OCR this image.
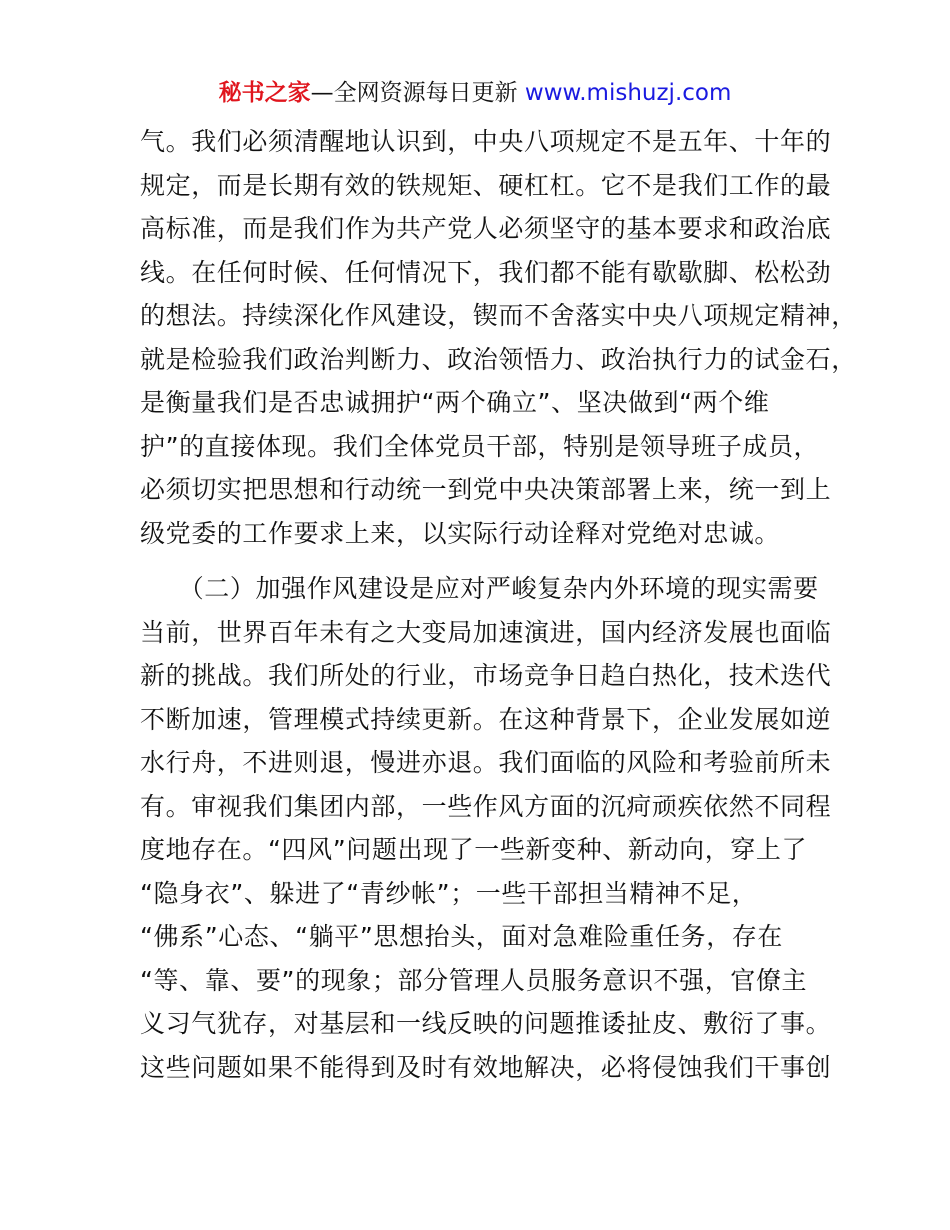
秘书之家—全网资源每日更新 www.mishuzj.com
气。我们必须清醒地认识到，中央八项规定不是五年、十年的
规定，而是长期有效的铁规矩、硬杠杠。它不是我们工作的最
高标准，而是我们作为共产党人必须坚守的基本要求和政治底
线。在任何时候、任何情况下，我们都不能有歇歇脚、松松劲
的想法。持续深化作风建设，锲而不舍落实中央八项规定精神，
就是检验我们政治判断力、政治领悟力、政治执行力的试金石，
是衡量我们是否忠诚拥护“两个确立”、坚决做到“两个维
护”的直接体现。我们全体党员干部，特别是领导班子成员，
必须切实把思想和行动统一到党中央决策部署上来，统一到上
级党委的工作要求上来，以实际行动诠释对党绝对忠诚。
　　（二）加强作风建设是应对严峻复杂内外环境的现实需要
当前，世界百年未有之大变局加速演进，国内经济发展也面临
新的挑战。我们所处的行业，市场竞争日趋白热化，技术迭代
不断加速，管理模式持续更新。在这种背景下，企业发展如逆
水行舟，不进则退，慢进亦退。我们面临的风险和考验前所未
有。审视我们集团内部，一些作风方面的沉疴顽疾依然不同程
度地存在。“四风”问题出现了一些新变种、新动向，穿上了
“隐身衣”、躲进了“青纱帐”；一些干部担当精神不足，
“佛系”心态、“躺平”思想抬头，面对急难险重任务，存在
“等、靠、要”的现象；部分管理人员服务意识不强，官僚主
义习气犹存，对基层和一线反映的问题推诿扯皮、敷衍了事。
这些问题如果不能得到及时有效地解决，必将侵蚀我们干事创
